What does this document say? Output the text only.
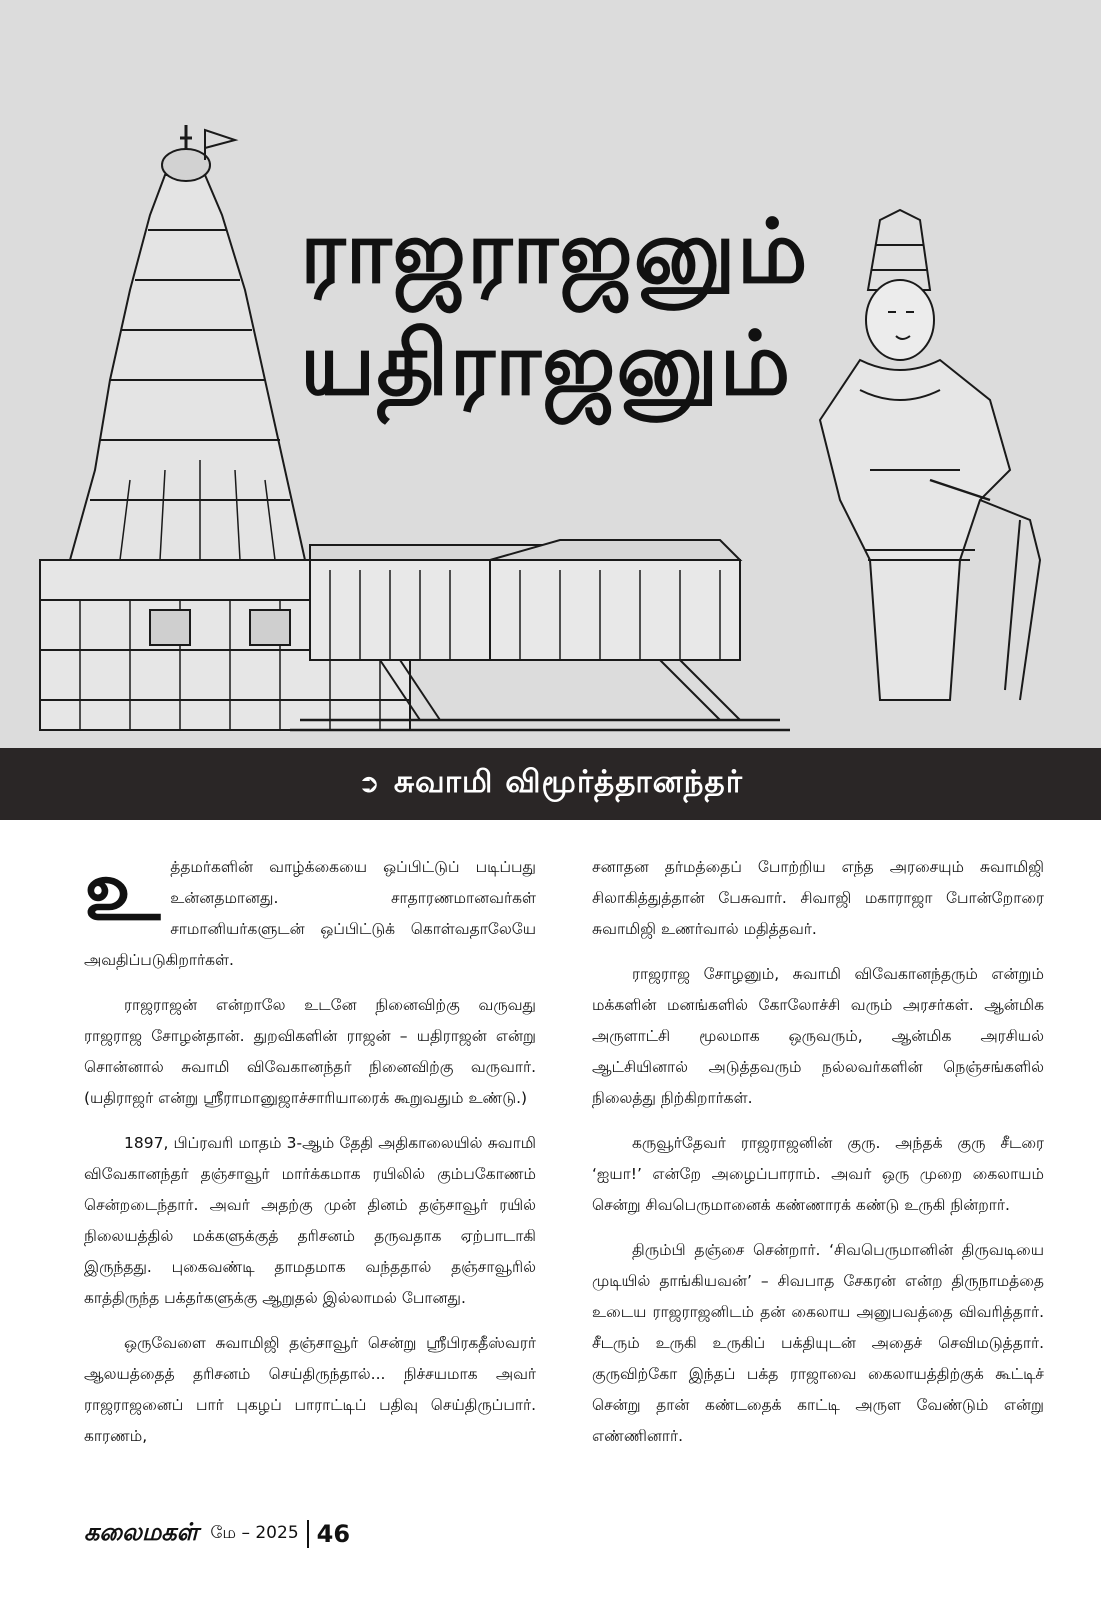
ராஜராஜனும்
யதிராஜனும்
➲ சுவாமி விமூர்த்தானந்தர்

உத்தமர்களின் வாழ்க்கையை ஒப்பிட்டுப் படிப்பது உன்னதமானது. சாதாரணமானவர்கள் சாமானியர்களுடன் ஒப்பிட்டுக் கொள்வதாலேயே அவதிப்படுகிறார்கள்.

ராஜராஜன் என்றாலே உடனே நினைவிற்கு வருவது ராஜராஜ சோழன்தான். துறவிகளின் ராஜன் – யதிராஜன் என்று சொன்னால் சுவாமி விவேகானந்தர் நினைவிற்கு வருவார். (யதிராஜர் என்று ஸ்ரீராமானுஜாச்சாரியாரைக் கூறுவதும் உண்டு.)

1897, பிப்ரவரி மாதம் 3-ஆம் தேதி அதிகாலையில் சுவாமி விவேகானந்தர் தஞ்சாவூர் மார்க்கமாக ரயிலில் கும்பகோணம் சென்றடைந்தார். அவர் அதற்கு முன் தினம் தஞ்சாவூர் ரயில் நிலையத்தில் மக்களுக்குத் தரிசனம் தருவதாக ஏற்பாடாகி இருந்தது. புகைவண்டி தாமதமாக வந்ததால் தஞ்சாவூரில் காத்திருந்த பக்தர்களுக்கு ஆறுதல் இல்லாமல் போனது.

ஒருவேளை சுவாமிஜி தஞ்சாவூர் சென்று ஸ்ரீபிரகதீஸ்வரர் ஆலயத்தைத் தரிசனம் செய்திருந்தால்... நிச்சயமாக அவர் ராஜராஜனைப் பார் புகழப் பாராட்டிப் பதிவு செய்திருப்பார். காரணம்,

சனாதன தர்மத்தைப் போற்றிய எந்த அரசையும் சுவாமிஜி சிலாகித்துத்தான் பேசுவார். சிவாஜி மகாராஜா போன்றோரை சுவாமிஜி உணர்வால் மதித்தவர்.

ராஜராஜ சோழனும், சுவாமி விவேகானந்தரும் என்றும் மக்களின் மனங்களில் கோலோச்சி வரும் அரசர்கள். ஆன்மிக அருளாட்சி மூலமாக ஒருவரும், ஆன்மிக அரசியல் ஆட்சியினால் அடுத்தவரும் நல்லவர்களின் நெஞ்சங்களில் நிலைத்து நிற்கிறார்கள்.

கருவூர்தேவர் ராஜராஜனின் குரு. அந்தக் குரு சீடரை ‘ஐயா!’ என்றே அழைப்பாராம். அவர் ஒரு முறை கைலாயம் சென்று சிவபெருமானைக் கண்ணாரக் கண்டு உருகி நின்றார்.

திரும்பி தஞ்சை சென்றார். ‘சிவபெருமானின் திருவடியை முடியில் தாங்கியவன்’ – சிவபாத சேகரன் என்ற திருநாமத்தை உடைய ராஜராஜனிடம் தன் கைலாய அனுபவத்தை விவரித்தார். சீடரும் உருகி உருகிப் பக்தியுடன் அதைச் செவிமடுத்தார். குருவிற்கோ இந்தப் பக்த ராஜாவை கைலாயத்திற்குக் கூட்டிச் சென்று தான் கண்டதைக் காட்டி அருள வேண்டும் என்று எண்ணினார்.

கலைமகள் மே – 2025 46
